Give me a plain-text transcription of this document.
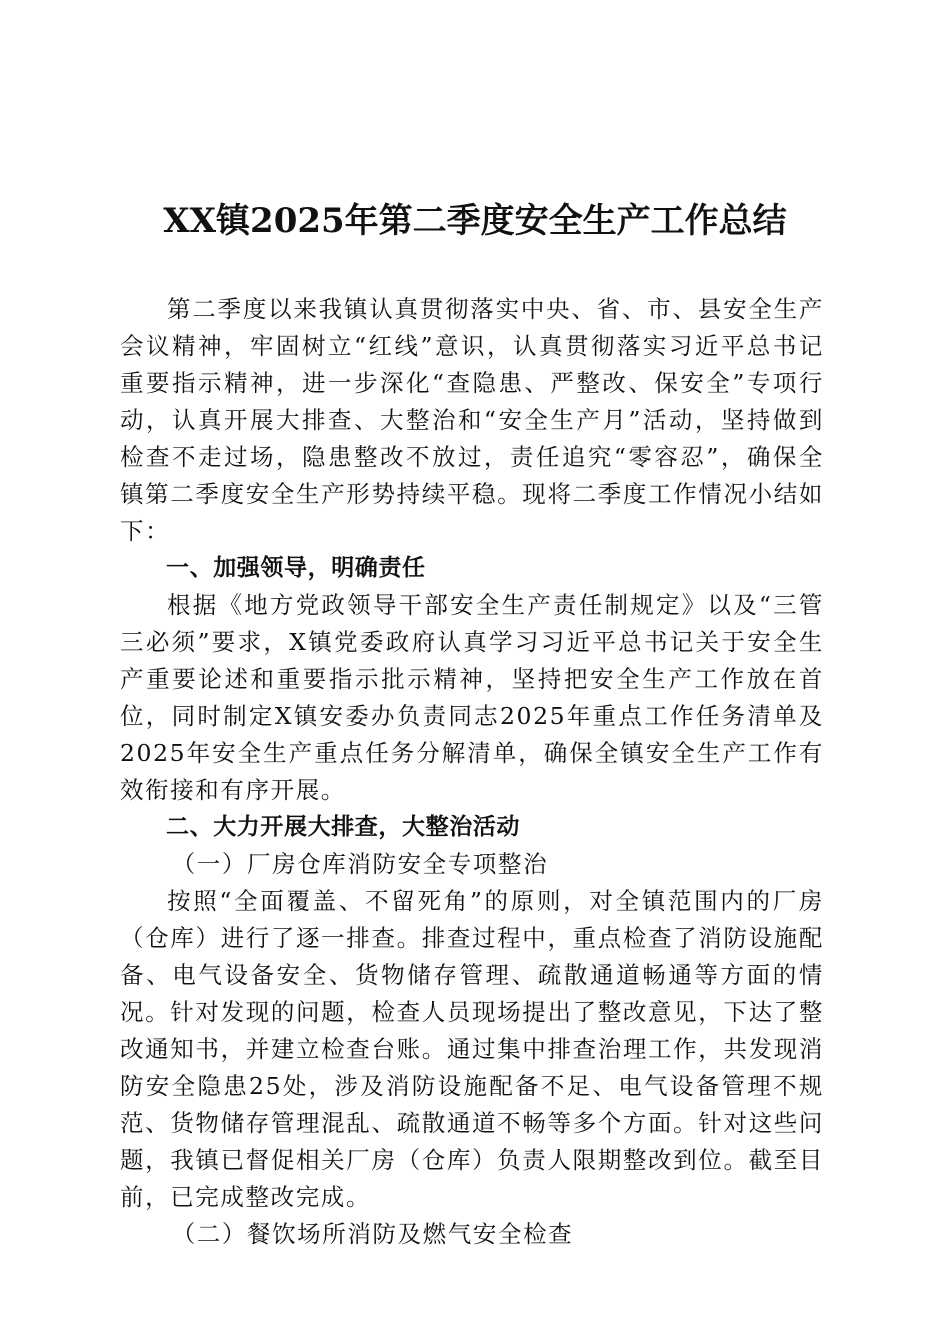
XX镇2025年第二季度安全生产工作总结

第二季度以来我镇认真贯彻落实中央、省、市、县安全生产会议精神，牢固树立“红线”意识，认真贯彻落实习近平总书记重要指示精神，进一步深化“查隐患、严整改、保安全”专项行动，认真开展大排查、大整治和“安全生产月”活动，坚持做到检查不走过场，隐患整改不放过，责任追究“零容忍”，确保全镇第二季度安全生产形势持续平稳。现将二季度工作情况小结如下：

一、加强领导，明确责任

根据《地方党政领导干部安全生产责任制规定》以及“三管三必须”要求，X镇党委政府认真学习习近平总书记关于安全生产重要论述和重要指示批示精神，坚持把安全生产工作放在首位，同时制定X镇安委办负责同志2025年重点工作任务清单及2025年安全生产重点任务分解清单，确保全镇安全生产工作有效衔接和有序开展。

二、大力开展大排查，大整治活动

（一）厂房仓库消防安全专项整治

按照“全面覆盖、不留死角”的原则，对全镇范围内的厂房（仓库）进行了逐一排查。排查过程中，重点检查了消防设施配备、电气设备安全、货物储存管理、疏散通道畅通等方面的情况。针对发现的问题，检查人员现场提出了整改意见，下达了整改通知书，并建立检查台账。通过集中排查治理工作，共发现消防安全隐患25处，涉及消防设施配备不足、电气设备管理不规范、货物储存管理混乱、疏散通道不畅等多个方面。针对这些问题，我镇已督促相关厂房（仓库）负责人限期整改到位。截至目前，已完成整改完成。

（二）餐饮场所消防及燃气安全检查
